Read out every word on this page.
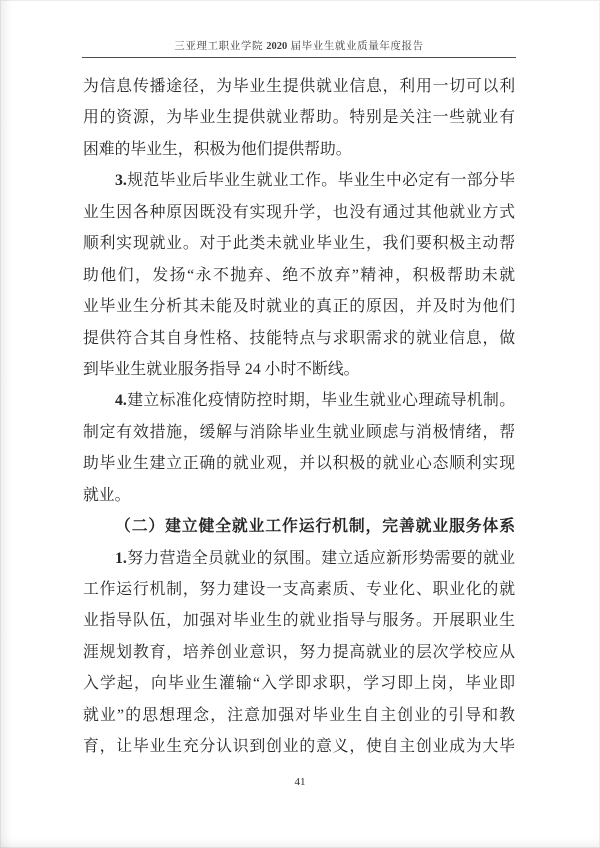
三亚理工职业学院 2020 届毕业生就业质量年度报告
为信息传播途径，为毕业生提供就业信息，利用一切可以利
用的资源，为毕业生提供就业帮助。特别是关注一些就业有
困难的毕业生，积极为他们提供帮助。
3.规范毕业后毕业生就业工作。毕业生中必定有一部分毕
业生因各种原因既没有实现升学，也没有通过其他就业方式
顺利实现就业。对于此类未就业毕业生，我们要积极主动帮
助他们，发扬“永不抛弃、绝不放弃”精神，积极帮助未就
业毕业生分析其未能及时就业的真正的原因，并及时为他们
提供符合其自身性格、技能特点与求职需求的就业信息，做
到毕业生就业服务指导 24 小时不断线。
4.建立标准化疫情防控时期，毕业生就业心理疏导机制。
制定有效措施，缓解与消除毕业生就业顾虑与消极情绪，帮
助毕业生建立正确的就业观，并以积极的就业心态顺利实现
就业。
（二）建立健全就业工作运行机制，完善就业服务体系
1.努力营造全员就业的氛围。建立适应新形势需要的就业
工作运行机制，努力建设一支高素质、专业化、职业化的就
业指导队伍，加强对毕业生的就业指导与服务。开展职业生
涯规划教育，培养创业意识，努力提高就业的层次学校应从
入学起，向毕业生灌输“入学即求职，学习即上岗，毕业即
就业”的思想理念，注意加强对毕业生自主创业的引导和教
育，让毕业生充分认识到创业的意义，使自主创业成为大毕
41
